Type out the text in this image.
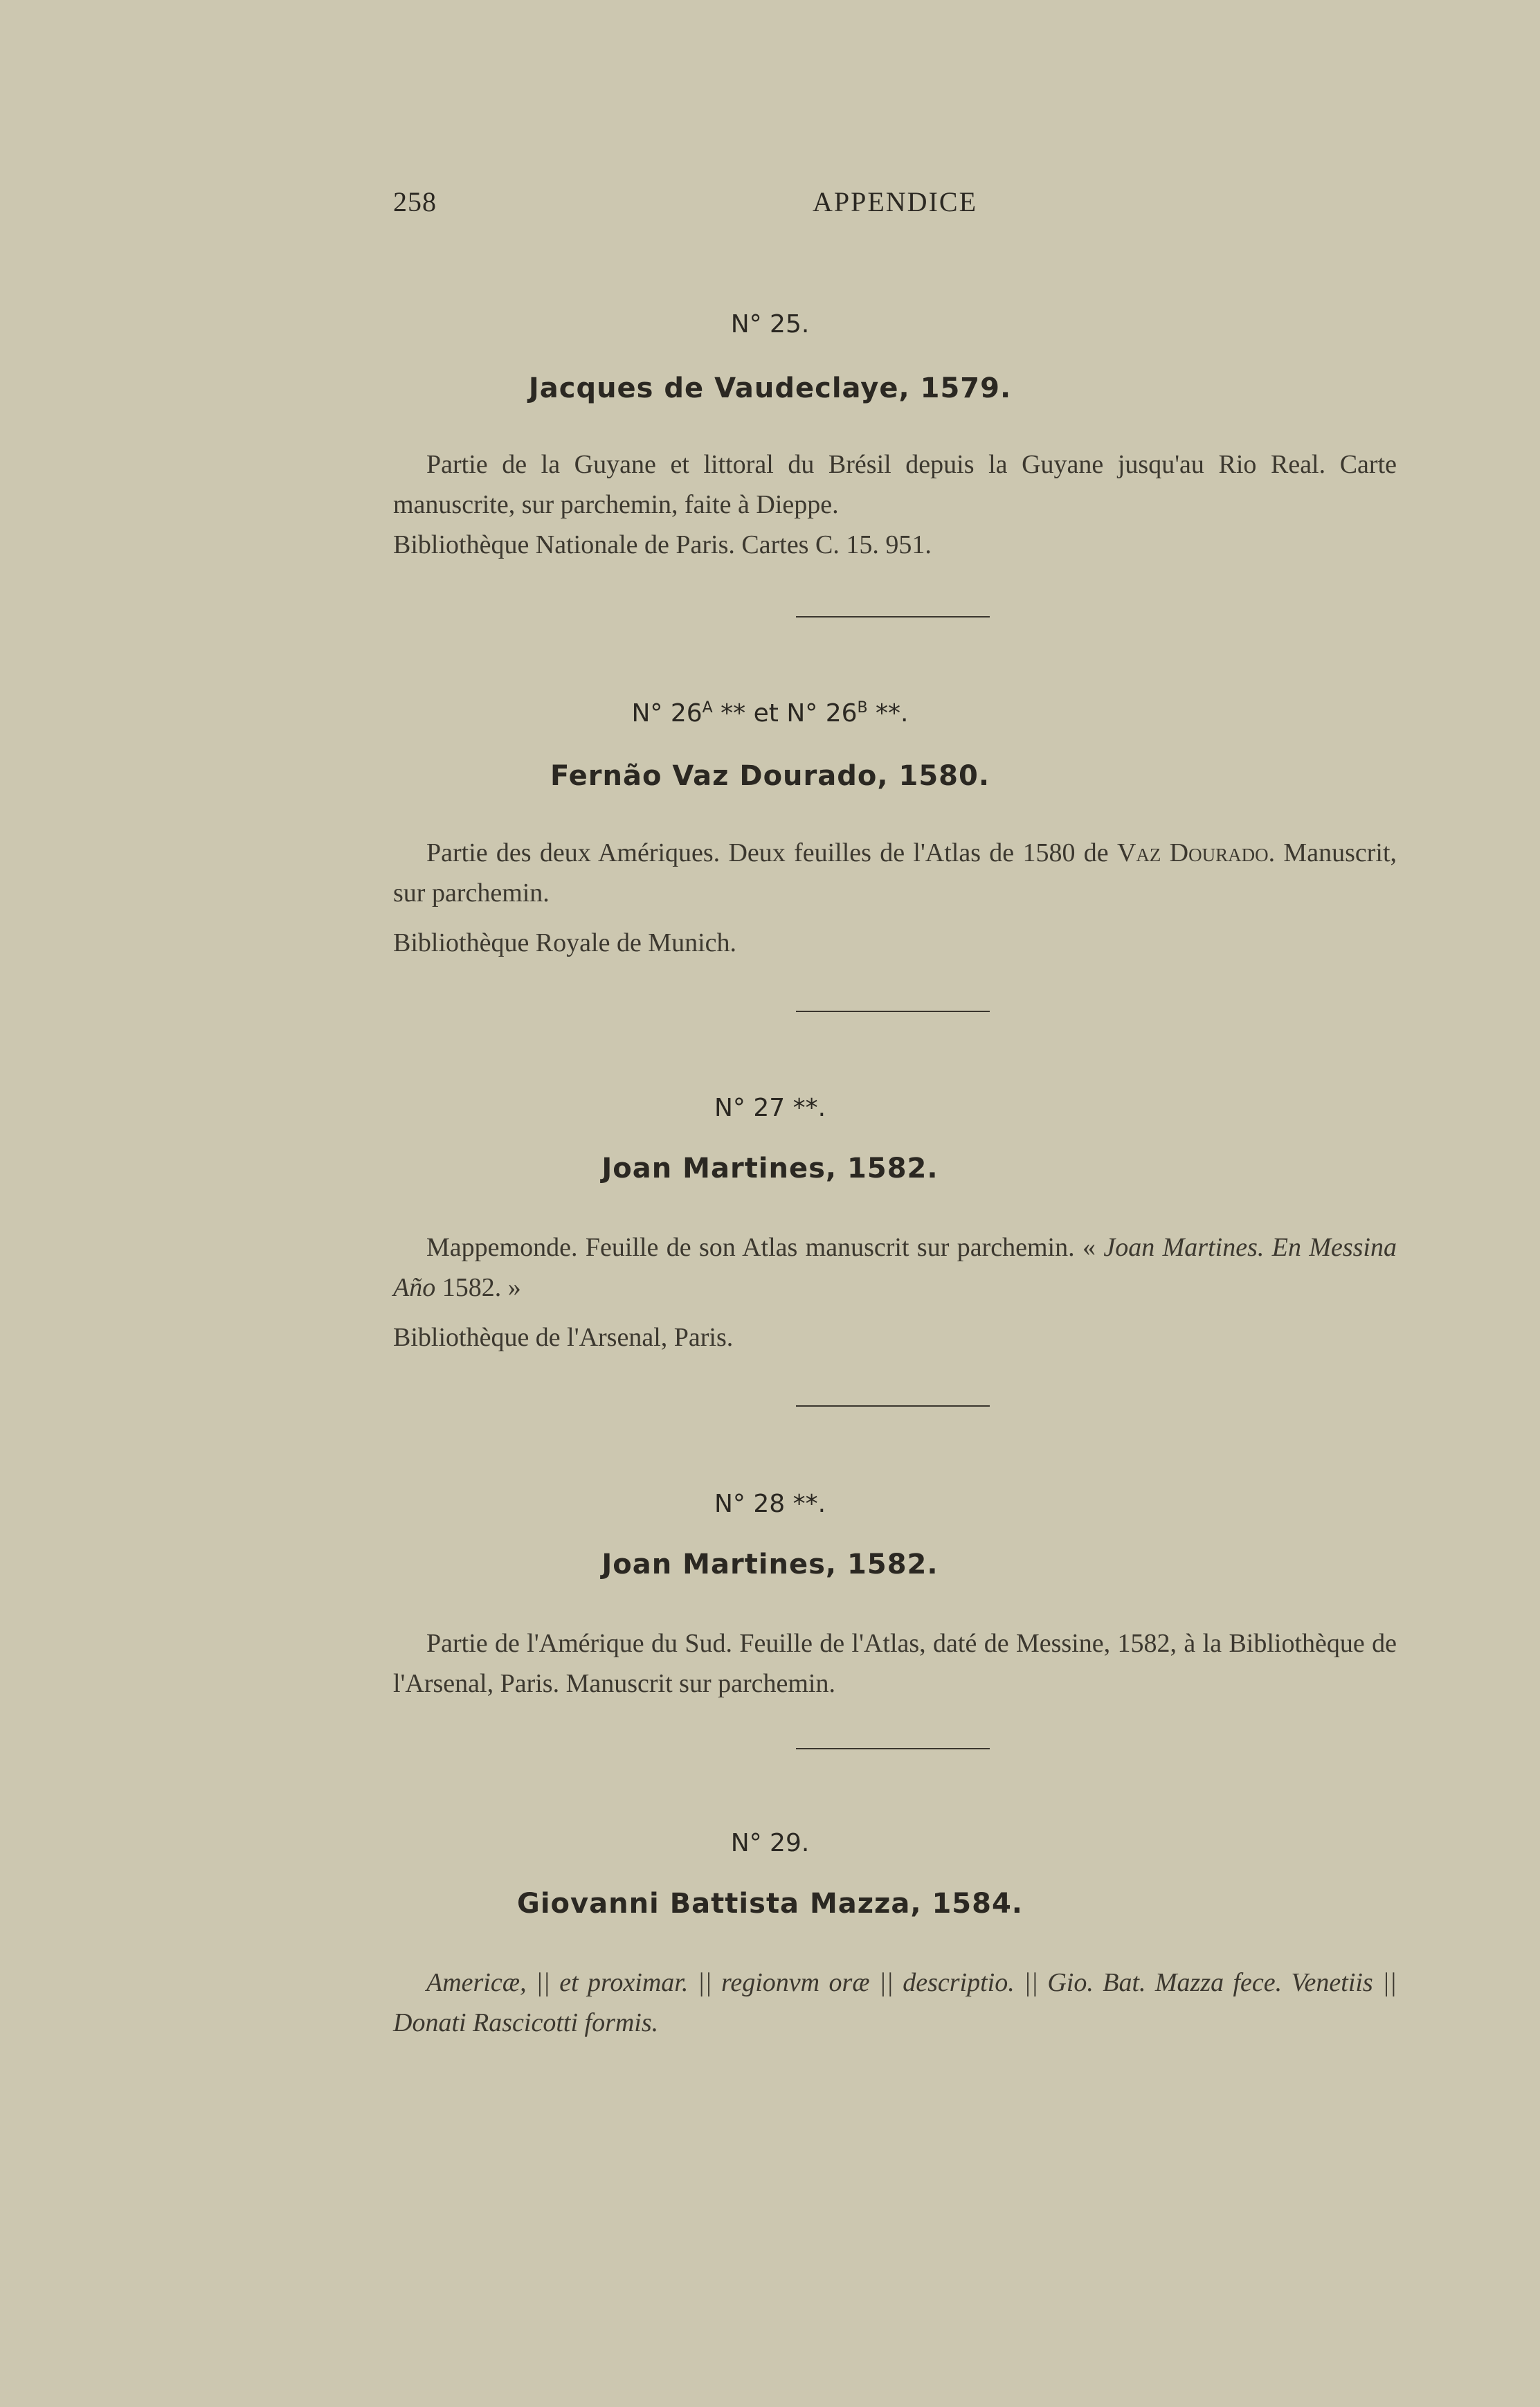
258	APPENDICE
N° 25.
Jacques de Vaudeclaye, 1579.

Partie de la Guyane et littoral du Brésil depuis la Guyane jusqu'au Rio Real. Carte manuscrite, sur parchemin, faite à Dieppe.

Bibliothèque Nationale de Paris. Cartes C. 15. 951.

N° $26^A$ ** et N° $26^B$ **.
Fernão Vaz Dourado, 1580.

Partie des deux Amériques. Deux feuilles de l'Atlas de 1580 de Vaz Dourado. Manuscrit, sur parchemin.

Bibliothèque Royale de Munich.

N° 27 **.
Joan Martines, 1582.

Mappemonde. Feuille de son Atlas manuscrit sur parchemin. « Joan Martines. En Messina Año 1582. »

Bibliothèque de l'Arsenal, Paris.

N° 28 **.
Joan Martines, 1582.

Partie de l'Amérique du Sud. Feuille de l'Atlas, daté de Messine, 1582, à la Bibliothèque de l'Arsenal, Paris. Manuscrit sur parchemin.

N° 29.
Giovanni Battista Mazza, 1584.

Americæ, || et proximar. || regionvm oræ || descriptio. || Gio. Bat. Mazza fece. Venetiis || Donati Rascicotti formis.
